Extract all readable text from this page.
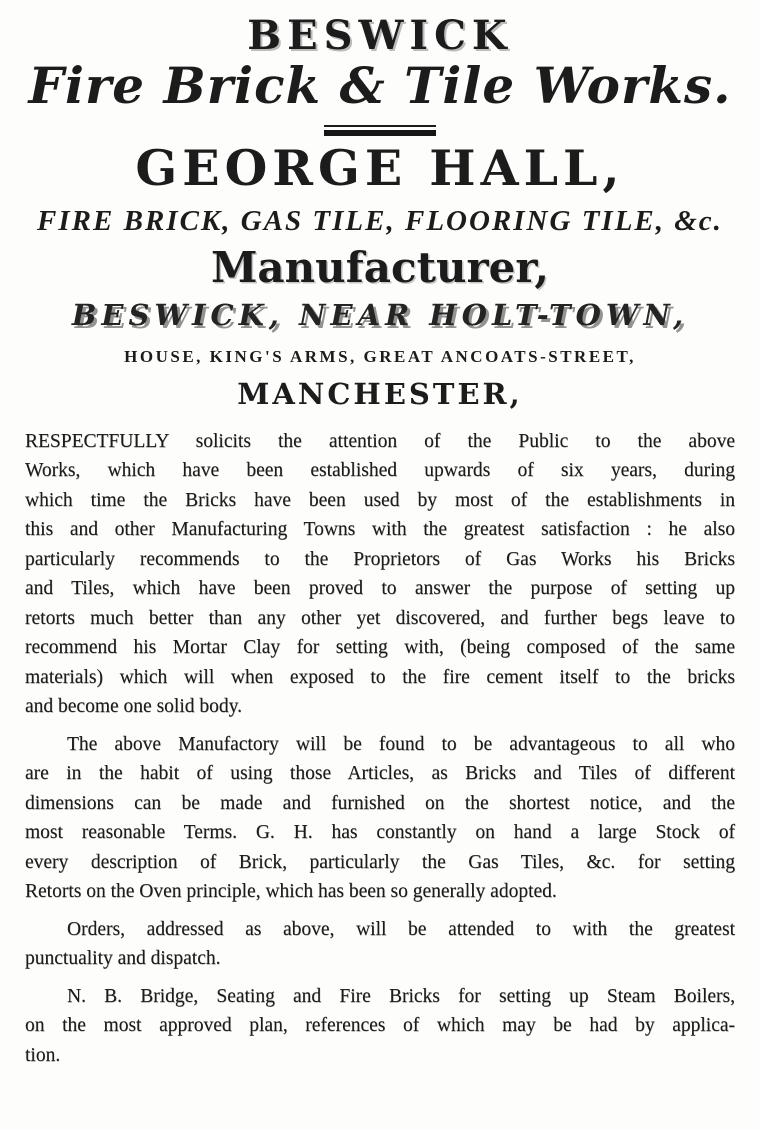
BESWICK
Fire Brick & Tile Works.
GEORGE HALL,
FIRE BRICK, GAS TILE, FLOORING TILE, &c.
Manufacturer,
BESWICK, NEAR HOLT-TOWN,
HOUSE, KING'S ARMS, GREAT ANCOATS-STREET,
MANCHESTER,
RESPECTFULLY solicits the attention of the Public to the above
Works, which have been established upwards of six years, during
which time the Bricks have been used by most of the establishments in
this and other Manufacturing Towns with the greatest satisfaction : he also
particularly recommends to the Proprietors of Gas Works his Bricks
and Tiles, which have been proved to answer the purpose of setting up
retorts much better than any other yet discovered, and further begs leave to
recommend his Mortar Clay for setting with, (being composed of the same
materials) which will when exposed to the fire cement itself to the bricks
and become one solid body.
The above Manufactory will be found to be advantageous to all who
are in the habit of using those Articles, as Bricks and Tiles of different
dimensions can be made and furnished on the shortest notice, and the
most reasonable Terms. G. H. has constantly on hand a large Stock of
every description of Brick, particularly the Gas Tiles, &c. for setting
Retorts on the Oven principle, which has been so generally adopted.
Orders, addressed as above, will be attended to with the greatest
punctuality and dispatch.
N. B. Bridge, Seating and Fire Bricks for setting up Steam Boilers,
on the most approved plan, references of which may be had by applica-
tion.
